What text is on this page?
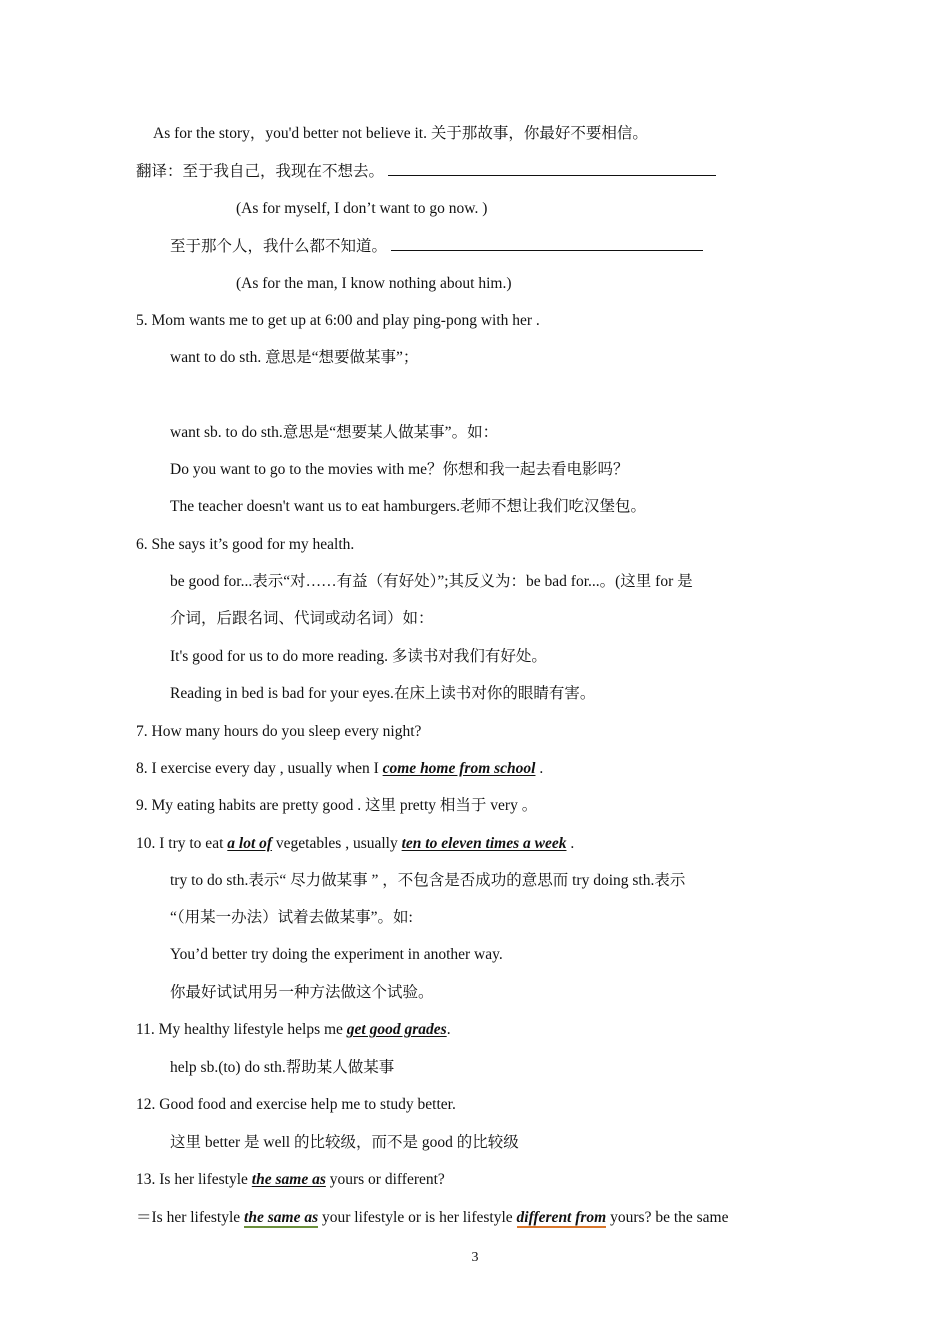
As for the story，you'd better not believe it. 关于那故事，你最好不要相信。
翻译：至于我自己，我现在不想去。
(As for myself, I don’t want to go now. )
至于那个人，我什么都不知道。
(As for the man, I know nothing about him.)
5. Mom wants me to get up at 6:00 and play ping-pong with her .
want to do sth. 意思是“想要做某事”；
want sb. to do sth.意思是“想要某人做某事”。如：
Do you want to go to the movies with me？你想和我一起去看电影吗？
The teacher doesn't want us to eat hamburgers.老师不想让我们吃汉堡包。
6. She says it’s good for my health.
be good for...表示“对……有益（有好处）”;其反义为：be bad for...。(这里 for 是
介词，后跟名词、代词或动名词）如：
It's good for us to do more reading. 多读书对我们有好处。
Reading in bed is bad for your eyes.在床上读书对你的眼睛有害。
7. How many hours do you sleep every night?
8. I exercise every day , usually when I come home from school .
9. My eating habits are pretty good . 这里 pretty 相当于 very 。
10. I try to eat a lot of vegetables , usually ten to eleven times a week .
try to do sth.表示“ 尽力做某事 ” ，不包含是否成功的意思而 try doing sth.表示
“（用某一办法）试着去做某事”。如:
You’d better try doing the experiment in another way.
你最好试试用另一种方法做这个试验。
11. My healthy lifestyle helps me get good grades.
help sb.(to) do sth.帮助某人做某事
12. Good food and exercise help me to study better.
这里 better 是 well 的比较级，而不是 good 的比较级
13. Is her lifestyle the same as yours or different?
＝Is her lifestyle the same as your lifestyle or is her lifestyle different from yours? be the same
3
